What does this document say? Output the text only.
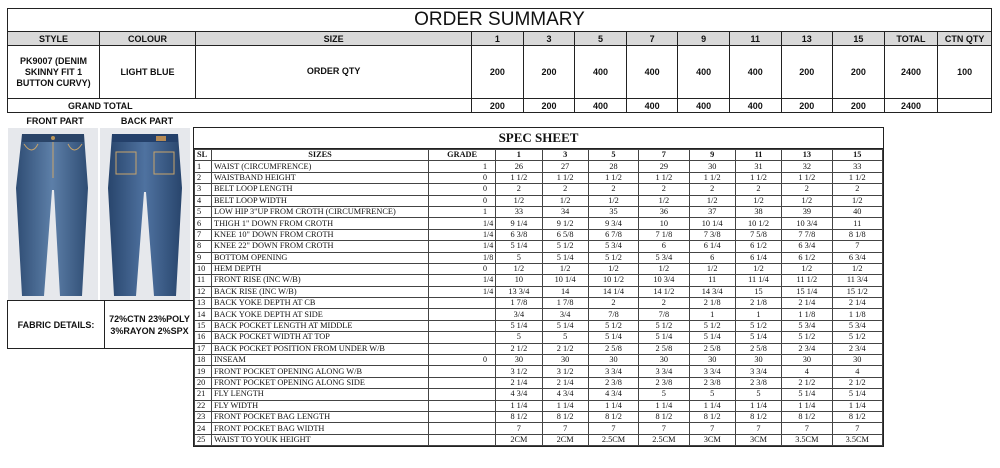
ORDER SUMMARY												
STYLE	COLOUR	SIZE	1	3	5	7	9	11	13	15	TOTAL	CTN QTY
PK9007 (DENIM SKINNY FIT 1 BUTTON CURVY)	LIGHT BLUE	ORDER QTY	200	200	400	400	400	400	200	200	2400	100
GRAND TOTAL			200	200	400	400	400	400	200	200	2400	
FRONT PART	BACK PART
FABRIC DETAILS:
72%CTN 23%POLY 3%RAYON 2%SPX
SPEC SHEET
SL	SIZES	GRADE	1	3	5	7	9	11	13	15
1	WAIST (CIRCUMFRENCE)	1	26	27	28	29	30	31	32	33
2	WAISTBAND HEIGHT	0	1 1/2	1 1/2	1 1/2	1 1/2	1 1/2	1 1/2	1 1/2	1 1/2
3	BELT LOOP LENGTH	0	2	2	2	2	2	2	2	2
4	BELT LOOP WIDTH	0	1/2	1/2	1/2	1/2	1/2	1/2	1/2	1/2
5	LOW HIP 3"UP FROM CROTH (CIRCUMFRENCE)	1	33	34	35	36	37	38	39	40
6	THIGH 1" DOWN FROM CROTH	1/4	9 1/4	9 1/2	9 3/4	10	10 1/4	10 1/2	10 3/4	11
7	KNEE 10" DOWN FROM CROTH	1/4	6 3/8	6 5/8	6 7/8	7 1/8	7 3/8	7 5/8	7 7/8	8 1/8
8	KNEE 22" DOWN FROM CROTH	1/4	5 1/4	5 1/2	5 3/4	6	6 1/4	6 1/2	6 3/4	7
9	BOTTOM OPENING	1/8	5	5 1/4	5 1/2	5 3/4	6	6 1/4	6 1/2	6 3/4
10	HEM DEPTH	0	1/2	1/2	1/2	1/2	1/2	1/2	1/2	1/2
11	FRONT RISE (INC W/B)	1/4	10	10 1/4	10 1/2	10 3/4	11	11 1/4	11 1/2	11 3/4
12	BACK RISE (INC W/B)	1/4	13 3/4	14	14 1/4	14 1/2	14 3/4	15	15 1/4	15 1/2
13	BACK YOKE DEPTH AT CB		1 7/8	1 7/8	2	2	2 1/8	2 1/8	2 1/4	2 1/4
14	BACK YOKE DEPTH AT SIDE		3/4	3/4	7/8	7/8	1	1	1 1/8	1 1/8
15	BACK POCKET LENGTH AT MIDDLE		5 1/4	5 1/4	5 1/2	5 1/2	5 1/2	5 1/2	5 3/4	5 3/4
16	BACK POCKET WIDTH AT TOP		5	5	5 1/4	5 1/4	5 1/4	5 1/4	5 1/2	5 1/2
17	BACK POCKET POSITION FROM UNDER W/B		2 1/2	2 1/2	2 5/8	2 5/8	2 5/8	2 5/8	2 3/4	2 3/4
18	INSEAM	0	30	30	30	30	30	30	30	30
19	FRONT POCKET OPENING ALONG W/B		3 1/2	3 1/2	3 3/4	3 3/4	3 3/4	3 3/4	4	4
20	FRONT POCKET OPENING ALONG SIDE		2 1/4	2 1/4	2 3/8	2 3/8	2 3/8	2 3/8	2 1/2	2 1/2
21	FLY LENGTH		4 3/4	4 3/4	4 3/4	5	5	5	5 1/4	5 1/4
22	FLY WIDTH		1 1/4	1 1/4	1 1/4	1 1/4	1 1/4	1 1/4	1 1/4	1 1/4
23	FRONT POCKET BAG LENGTH		8 1/2	8 1/2	8 1/2	8 1/2	8 1/2	8 1/2	8 1/2	8 1/2
24	FRONT POCKET BAG WIDTH		7	7	7	7	7	7	7	7
25	WAIST TO YOUK HEIGHT		2CM	2CM	2.5CM	2.5CM	3CM	3CM	3.5CM	3.5CM
